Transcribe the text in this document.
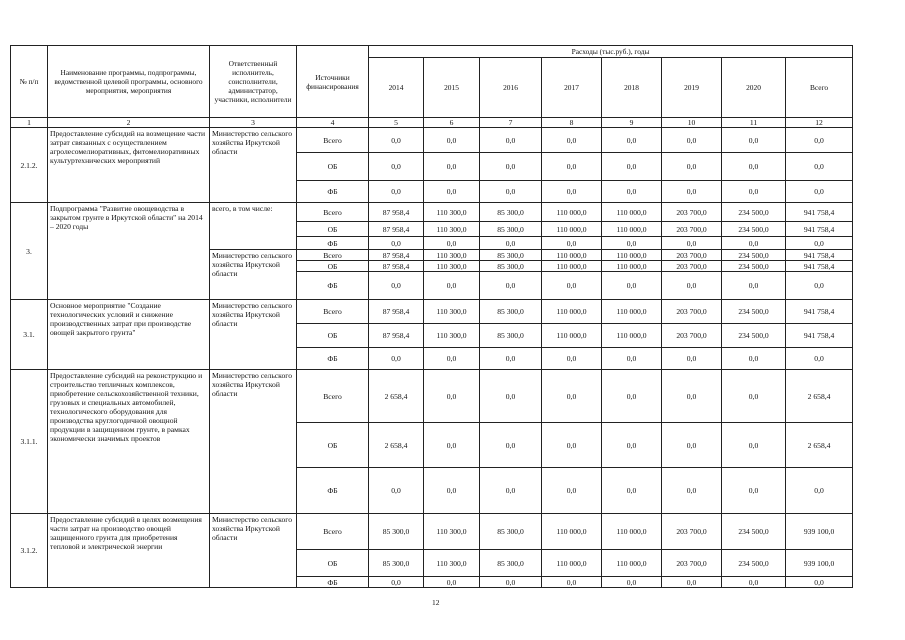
№ п/п	Наименование программы, подпрограммы, ведомственной целевой программы, основного мероприятия, мероприятия	Ответственный исполнитель, соисполнители, администратор, участники, исполнители	Источники финансирования	Расходы (тыс.руб.), годы							
				2014	2015	2016	2017	2018	2019	2020	Всего
1	2	3	4	5	6	7	8	9	10	11	12
2.1.2.	Предоставление субсидий на возмещение части затрат связанных с осуществлением агролесомелиоративных, фитомелиоративных культуртехнических мероприятий	Министерство сельского хозяйства Иркутской области	Всего	0,0	0,0	0,0	0,0	0,0	0,0	0,0	0,0
			ОБ	0,0	0,0	0,0	0,0	0,0	0,0	0,0	0,0
			ФБ	0,0	0,0	0,0	0,0	0,0	0,0	0,0	0,0
3.	Подпрограмма "Развитие овощеводства в закрытом грунте в Иркутской области" на 2014 – 2020 годы	всего, в том числе:	Всего	87 958,4	110 300,0	85 300,0	110 000,0	110 000,0	203 700,0	234 500,0	941 758,4
			ОБ	87 958,4	110 300,0	85 300,0	110 000,0	110 000,0	203 700,0	234 500,0	941 758,4
			ФБ	0,0	0,0	0,0	0,0	0,0	0,0	0,0	0,0
		Министерство сельского хозяйства Иркутской области	Всего	87 958,4	110 300,0	85 300,0	110 000,0	110 000,0	203 700,0	234 500,0	941 758,4
			ОБ	87 958,4	110 300,0	85 300,0	110 000,0	110 000,0	203 700,0	234 500,0	941 758,4
			ФБ	0,0	0,0	0,0	0,0	0,0	0,0	0,0	0,0
3.1.	Основное мероприятие "Создание технологических условий и снижение производственных затрат при производстве овощей закрытого грунта"	Министерство сельского хозяйства Иркутской области	Всего	87 958,4	110 300,0	85 300,0	110 000,0	110 000,0	203 700,0	234 500,0	941 758,4
			ОБ	87 958,4	110 300,0	85 300,0	110 000,0	110 000,0	203 700,0	234 500,0	941 758,4
			ФБ	0,0	0,0	0,0	0,0	0,0	0,0	0,0	0,0
3.1.1.	Предоставление субсидий на реконструкцию и строительство тепличных комплексов, приобретение сельскохозяйственной техники, грузовых и специальных автомобилей, технологического оборудования для производства круглогодичной овощной продукции в защищенном грунте, в рамках экономически значимых проектов	Министерство сельского хозяйства Иркутской области	Всего	2 658,4	0,0	0,0	0,0	0,0	0,0	0,0	2 658,4
			ОБ	2 658,4	0,0	0,0	0,0	0,0	0,0	0,0	2 658,4
			ФБ	0,0	0,0	0,0	0,0	0,0	0,0	0,0	0,0
3.1.2.	Предоставление субсидий в целях возмещения части затрат на производство овощей защищенного грунта для приобретения тепловой и электрической энергии	Министерство сельского хозяйства Иркутской области	Всего	85 300,0	110 300,0	85 300,0	110 000,0	110 000,0	203 700,0	234 500,0	939 100,0
			ОБ	85 300,0	110 300,0	85 300,0	110 000,0	110 000,0	203 700,0	234 500,0	939 100,0
			ФБ	0,0	0,0	0,0	0,0	0,0	0,0	0,0	0,0
12
